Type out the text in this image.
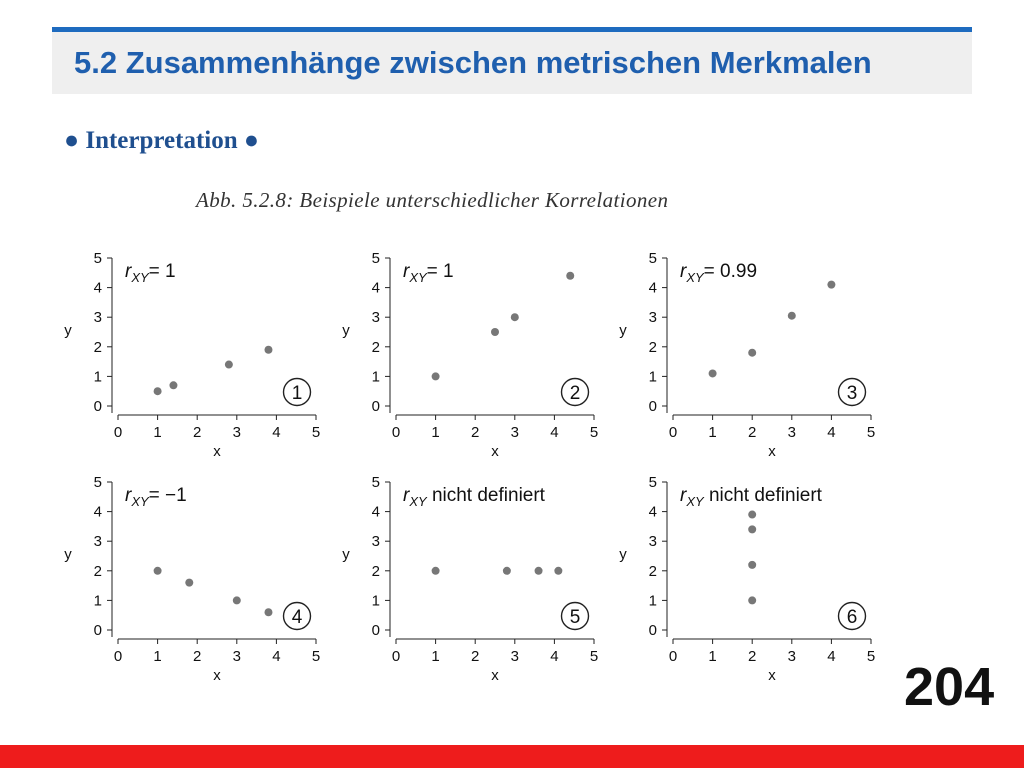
5.2 Zusammenhänge zwischen metrischen Merkmalen
● Interpretation ●
Abb. 5.2.8: Beispiele unterschiedlicher Korrelationen
0 1 2 3 4 5
0
1
2
3
4
5
x
y
$r_{XY}= 1$
1
0 1 2 3 4 5
0
1
2
3
4
5
x
y
$r_{XY}= 1$
2
0 1 2 3 4 5
0
1
2
3
4
5
x
y
$r_{XY}= 0.99$
3
0 1 2 3 4 5
0
1
2
3
4
5
x
y
$r_{XY}= -1$
4
0 1 2 3 4 5
0
1
2
3
4
5
x
y
$r_{XY}$ nicht definiert
5
0 1 2 3 4 5
0
1
2
3
4
5
x
y
$r_{XY}$ nicht definiert
6
204
